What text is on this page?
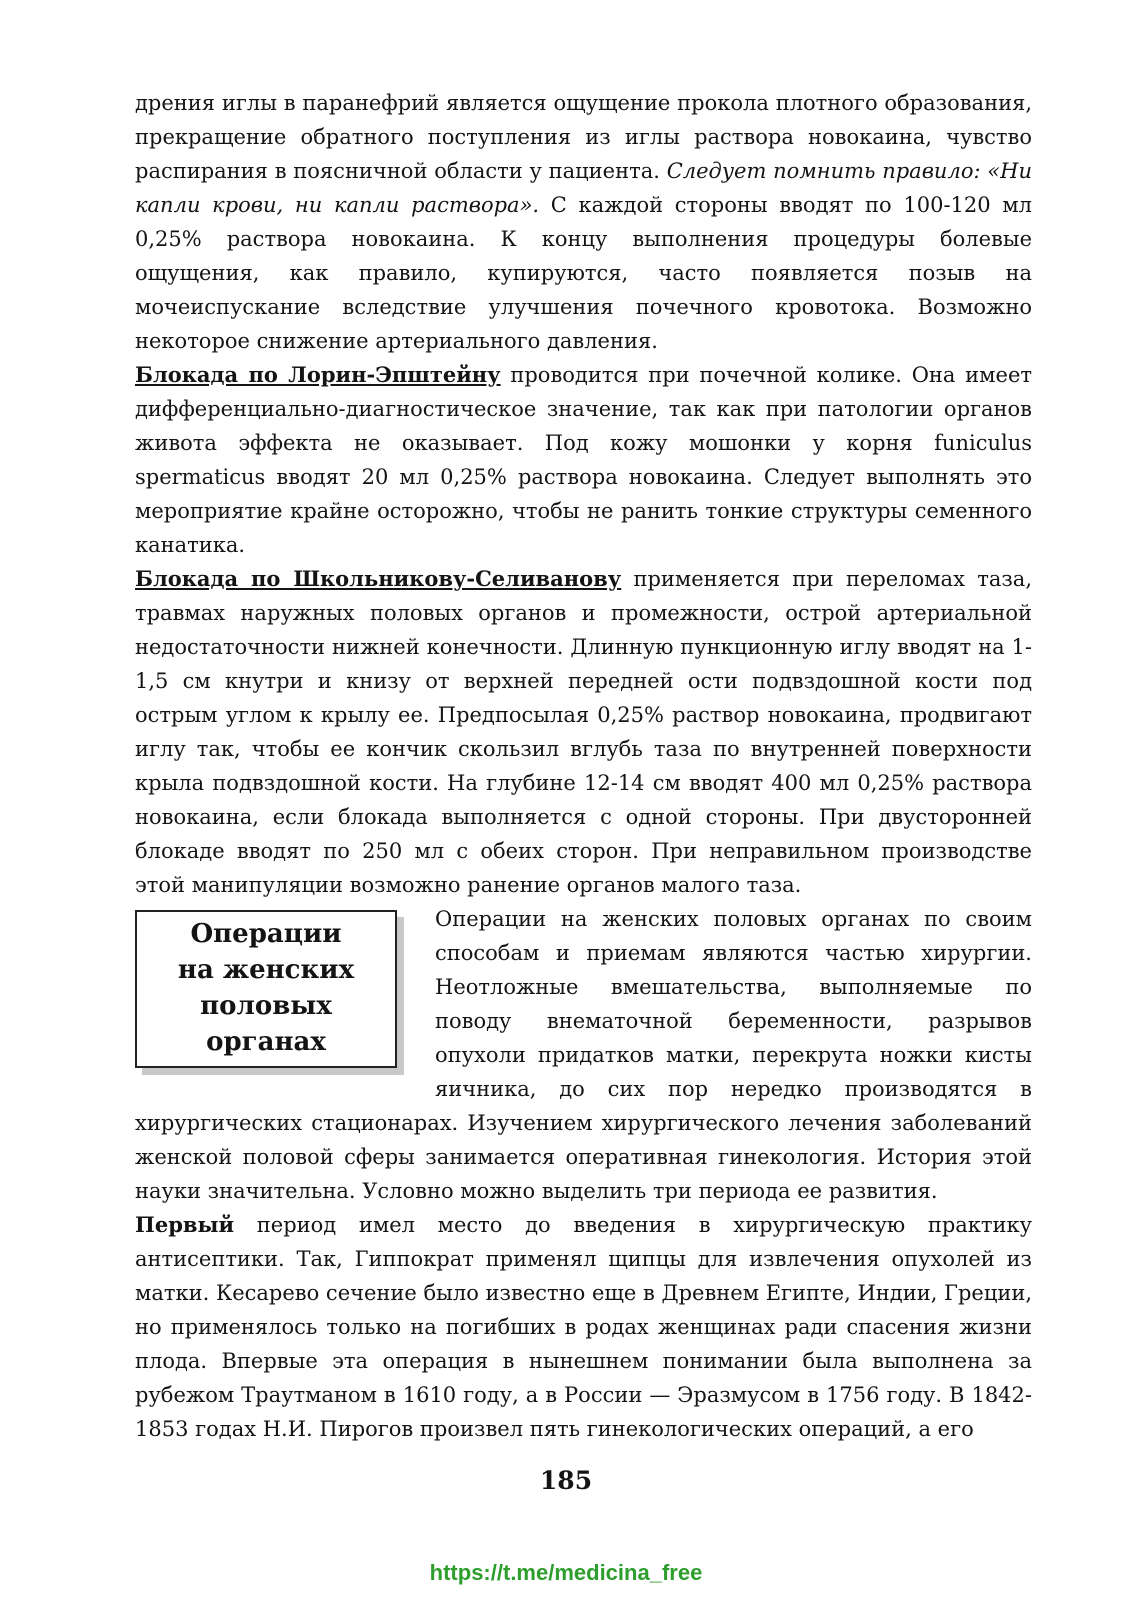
дрения иглы в паранефрий является ощущение прокола плотного образования, прекращение обратного поступления из иглы раствора новокаина, чувство распирания в поясничной области у пациента. Следует помнить правило: «Ни капли крови, ни капли раствора». С каждой стороны вводят по 100-120 мл 0,25% раствора новокаина. К концу выполнения процедуры болевые ощущения, как правило, купируются, часто появляется позыв на мочеиспускание вследствие улучшения почечного кровотока. Возможно некоторое снижение артериального давления.

Блокада по Лорин-Эпштейну проводится при почечной колике. Она имеет дифференциально-диагностическое значение, так как при патологии органов живота эффекта не оказывает. Под кожу мошонки у корня funiculus spermaticus вводят 20 мл 0,25% раствора новокаина. Следует выполнять это мероприятие крайне осторожно, чтобы не ранить тонкие структуры семенного канатика.

Блокада по Школьникову-Селиванову применяется при переломах таза, травмах наружных половых органов и промежности, острой артериальной недостаточности нижней конечности. Длинную пункционную иглу вводят на 1-1,5 см кнутри и книзу от верхней передней ости подвздошной кости под острым углом к крылу ее. Предпосылая 0,25% раствор новокаина, продвигают иглу так, чтобы ее кончик скользил вглубь таза по внутренней поверхности крыла подвздошной кости. На глубине 12-14 см вводят 400 мл 0,25% раствора новокаина, если блокада выполняется с одной стороны. При двусторонней блокаде вводят по 250 мл с обеих сторон. При неправильном производстве этой манипуляции возможно ранение органов малого таза.

Операции
на женских
половых органах

Операции на женских половых органах по своим способам и приемам являются частью хирургии. Неотложные вмешательства, выполняемые по поводу внематочной беременности, разрывов опухоли придатков матки, перекрута ножки кисты яичника, до сих пор нередко производятся в хирургических стационарах. Изучением хирургического лечения заболеваний женской половой сферы занимается оперативная гинекология. История этой науки значительна. Условно можно выделить три периода ее развития.

Первый период имел место до введения в хирургическую практику антисептики. Так, Гиппократ применял щипцы для извлечения опухолей из матки. Кесарево сечение было известно еще в Древнем Египте, Индии, Греции, но применялось только на погибших в родах женщинах ради спасения жизни плода. Впервые эта операция в нынешнем понимании была выполнена за рубежом Траутманом в 1610 году, а в России — Эразмусом в 1756 году. В 1842-1853 годах Н.И. Пирогов произвел пять гинекологических операций, а его

185
https://t.me/medicina_free
